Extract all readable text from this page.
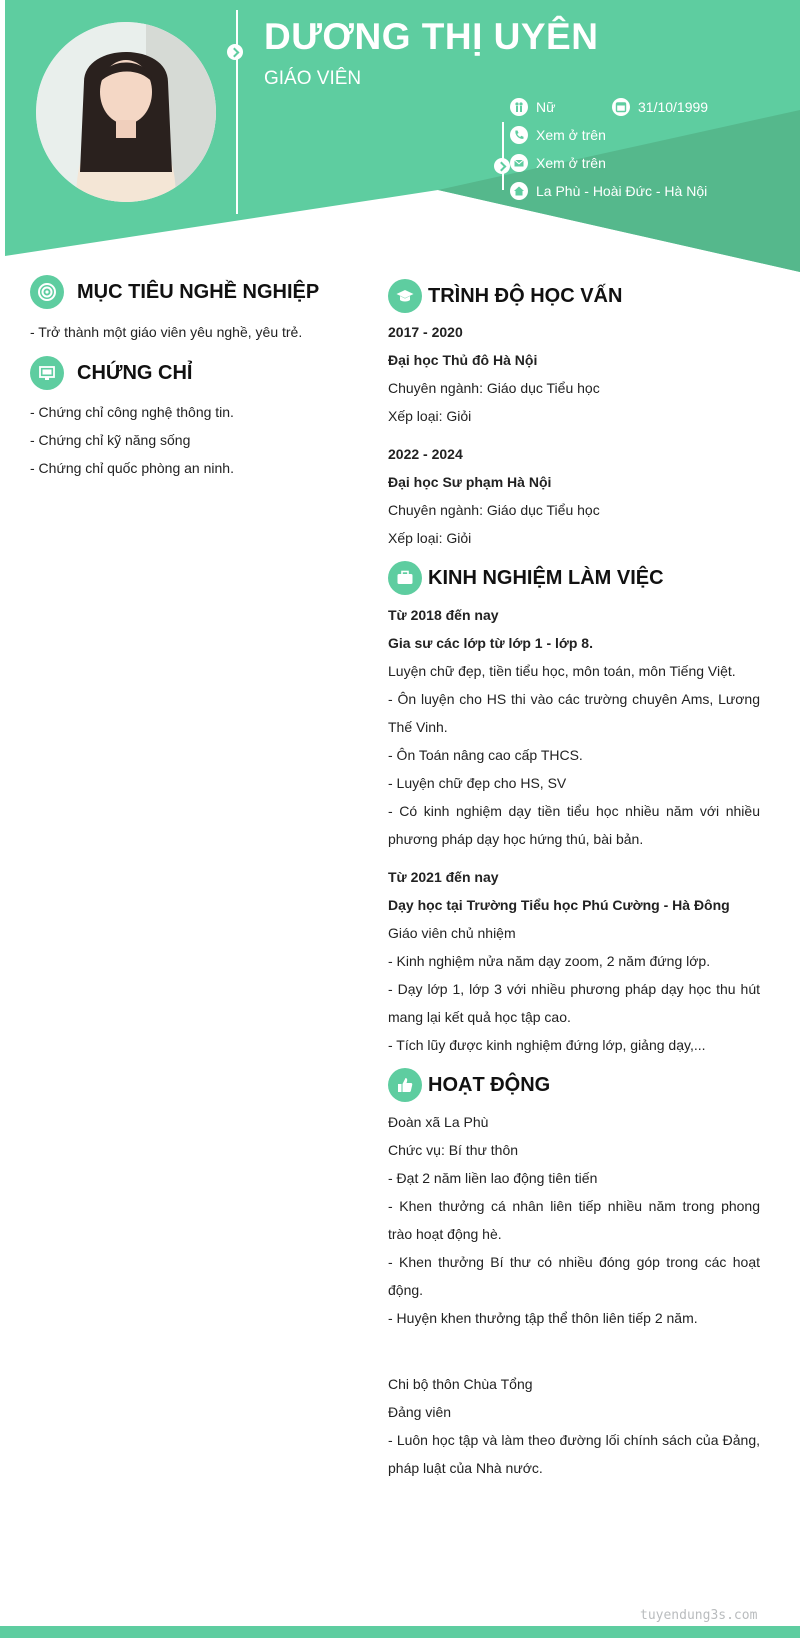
DƯƠNG THỊ UYÊN
GIÁO VIÊN
Nữ	31/10/1999
Xem ở trên
Xem ở trên
La Phù - Hoài Đức - Hà Nội
MỤC TIÊU NGHỀ NGHIỆP
- Trở thành một giáo viên yêu nghề, yêu trẻ.
CHỨNG CHỈ
- Chứng chỉ công nghệ thông tin.
- Chứng chỉ kỹ năng sống
- Chứng chỉ quốc phòng an ninh.
TRÌNH ĐỘ HỌC VẤN
2017 - 2020
Đại học Thủ đô Hà Nội
Chuyên ngành: Giáo dục Tiểu học
Xếp loại: Giỏi
2022 - 2024
Đại học Sư phạm Hà Nội
Chuyên ngành: Giáo dục Tiểu học
Xếp loại: Giỏi
KINH NGHIỆM LÀM VIỆC
Từ 2018 đến nay
Gia sư các lớp từ lớp 1 - lớp 8.
Luyện chữ đẹp, tiền tiểu học, môn toán, môn Tiếng Việt.
- Ôn luyện cho HS thi vào các trường chuyên Ams, Lương Thế Vinh.
- Ôn Toán nâng cao cấp THCS.
- Luyện chữ đẹp cho HS, SV
- Có kinh nghiệm dạy tiền tiểu học nhiều năm với nhiều phương pháp dạy học hứng thú, bài bản.
Từ 2021 đến nay
Dạy học tại Trường Tiểu học Phú Cường - Hà Đông
Giáo viên chủ nhiệm
- Kinh nghiệm nửa năm dạy zoom, 2 năm đứng lớp.
- Dạy lớp 1, lớp 3 với nhiều phương pháp dạy học thu hút mang lại kết quả học tập cao.
- Tích lũy được kinh nghiệm đứng lớp, giảng dạy,...
HOẠT ĐỘNG
Đoàn xã La Phù
Chức vụ: Bí thư thôn
- Đạt 2 năm liền lao động tiên tiến
- Khen thưởng cá nhân liên tiếp nhiều năm trong phong trào hoạt động hè.
- Khen thưởng Bí thư có nhiều đóng góp trong các hoạt động.
- Huyện khen thưởng tập thể thôn liên tiếp 2 năm.
Chi bộ thôn Chùa Tổng
Đảng viên
- Luôn học tập và làm theo đường lối chính sách của Đảng, pháp luật của Nhà nước.
tuyendung3s.com
